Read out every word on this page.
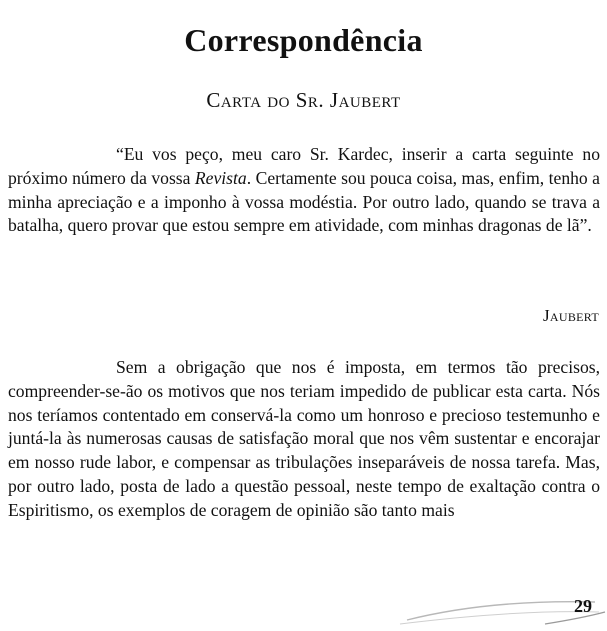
Correspondência
Carta do Sr. Jaubert

“Eu vos peço, meu caro Sr. Kardec, inserir a carta seguinte no próximo número da vossa Revista. Certamente sou pouca coisa, mas, enfim, tenho a minha apreciação e a imponho à vossa modéstia. Por outro lado, quando se trava a batalha, quero provar que estou sempre em atividade, com minhas dragonas de lã”.

Jaubert

Sem a obrigação que nos é imposta, em termos tão precisos, compreender-se-ão os motivos que nos teriam impedido de publicar esta carta. Nós nos teríamos contentado em conservá-la como um honroso e precioso testemunho e juntá-la às numerosas causas de satisfação moral que nos vêm sustentar e encorajar em nosso rude labor, e compensar as tribulações inseparáveis de nossa tarefa. Mas, por outro lado, posta de lado a questão pessoal, neste tempo de exaltação contra o Espiritismo, os exemplos de coragem de opinião são tanto mais

29
